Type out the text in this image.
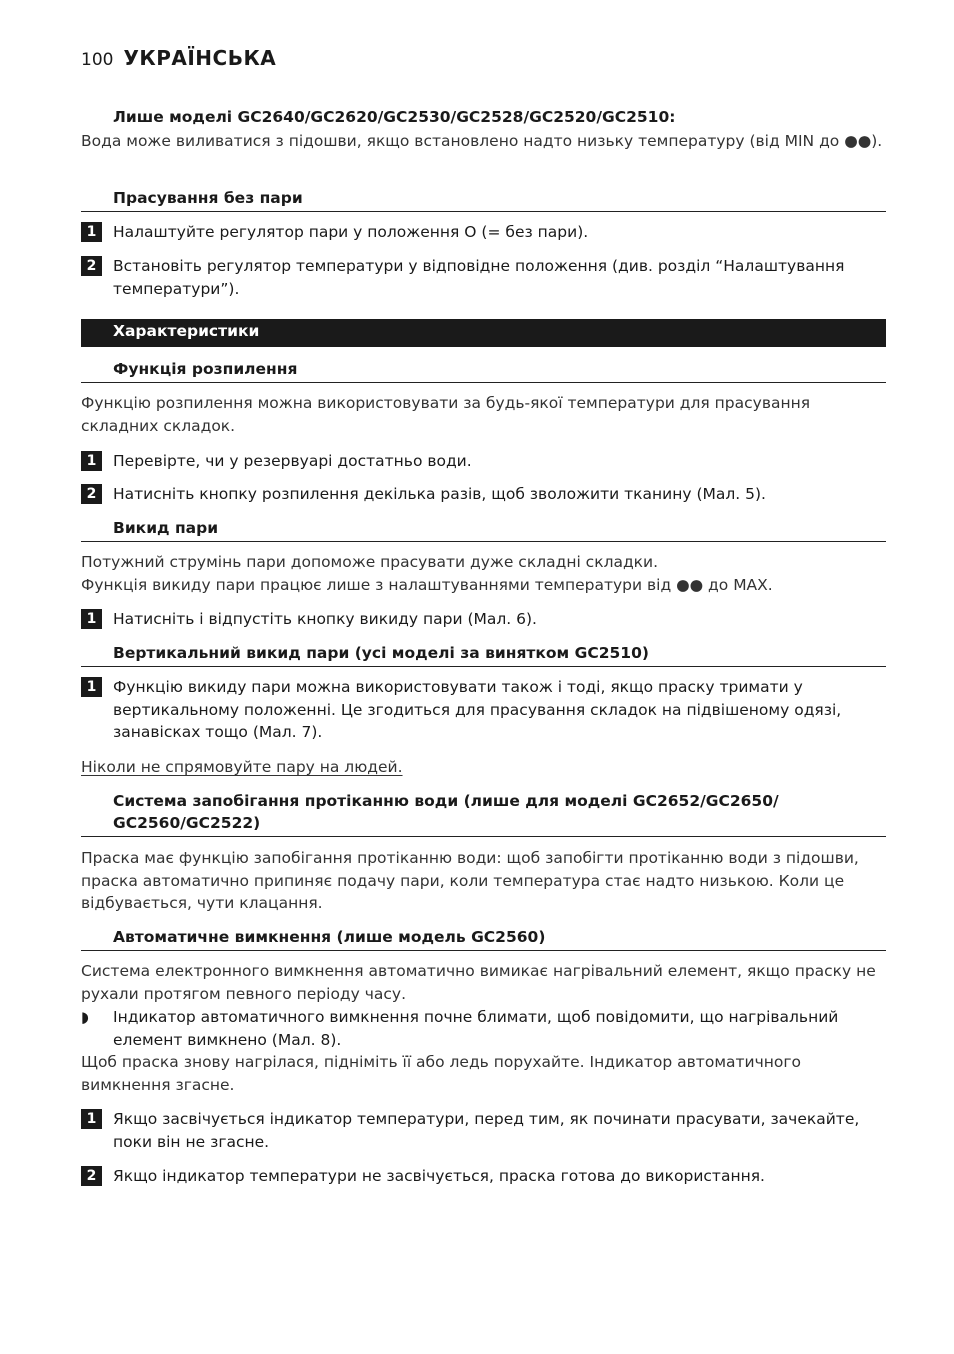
100 УКРАЇНСЬКА
Лише моделі GC2640/GC2620/GC2530/GC2528/GC2520/GC2510:
Вода може виливатися з підошви, якщо встановлено надто низьку температуру (від MIN до ●●).
Прасування без пари
1	Налаштуйте регулятор пари у положення O (= без пари).
2	Встановіть регулятор температури у відповідне положення (див. розділ “Налаштування температури”).
Характеристики
Функція розпилення
Функцію розпилення можна використовувати за будь-якої температури для прасування складних складок.
1	Перевірте, чи у резервуарі достатньо води.
2	Натисніть кнопку розпилення декілька разів, щоб зволожити тканину (Мал. 5).
Викид пари
Потужний струмінь пари допоможе прасувати дуже складні складки.
Функція викиду пари працює лише з налаштуваннями температури від ●● до MAX.
1	Натисніть і відпустіть кнопку викиду пари (Мал. 6).
Вертикальний викид пари (усі моделі за винятком GC2510)
1	Функцію викиду пари можна використовувати також і тоді, якщо праску тримати у вертикальному положенні. Це згодиться для прасування складок на підвішеному одязі, занавісках тощо (Мал. 7).
Ніколи не спрямовуйте пару на людей.
Система запобігання протіканню води (лише для моделі GC2652/GC2650/ GC2560/GC2522)
Праска має функцію запобігання протіканню води: щоб запобігти протіканню води з підошви, праска автоматично припиняє подачу пари, коли температура стає надто низькою. Коли це відбувається, чути клацання.
Автоматичне вимкнення (лише модель GC2560)
Система електронного вимкнення автоматично вимикає нагрівальний елемент, якщо праску не рухали протягом певного періоду часу.
◗	Індикатор автоматичного вимкнення почне блимати, щоб повідомити, що нагрівальний елемент вимкнено (Мал. 8).
Щоб праска знову нагрілася, підніміть її або ледь поруxайте. Індикатор автоматичного вимкнення згасне.
1	Якщо засвічується індикатор температури, перед тим, як починати прасувати, зачекайте, поки він не згасне.
2	Якщо індикатор температури не засвічується, праска готова до використання.
